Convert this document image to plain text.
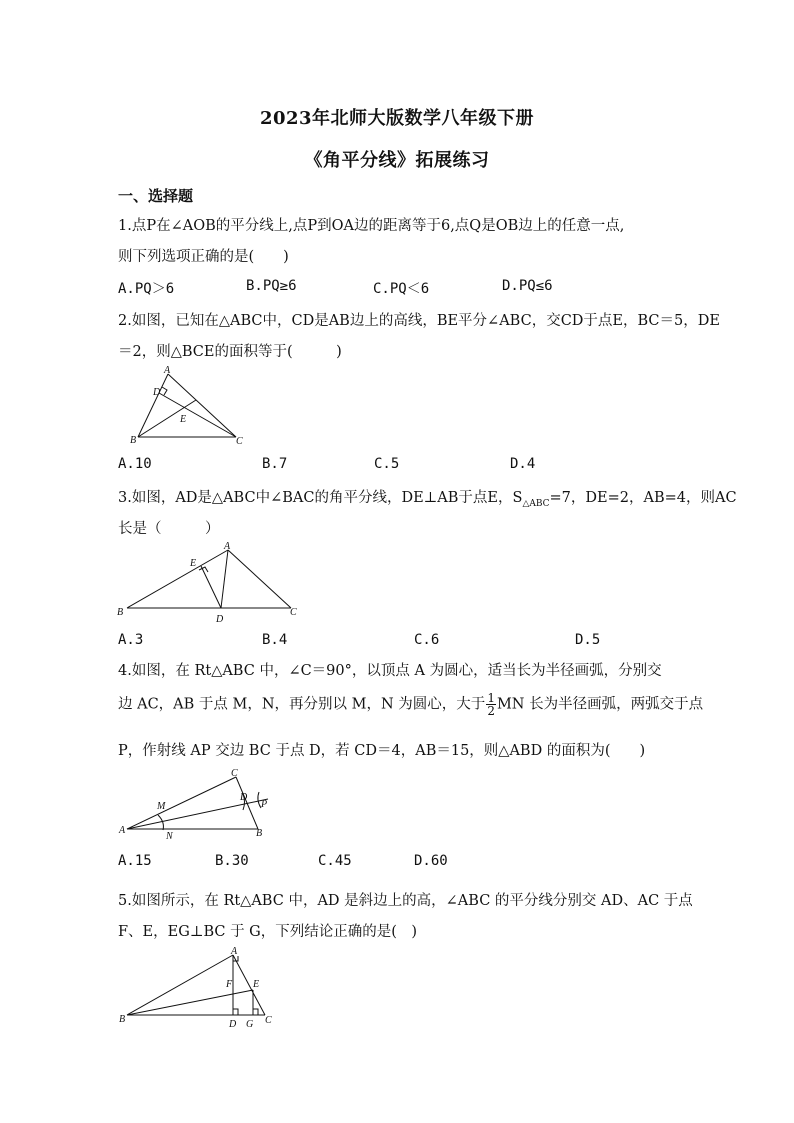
2023年北师大版数学八年级下册
《角平分线》拓展练习
一、选择题
1.点P在∠AOB的平分线上,点P到OA边的距离等于6,点Q是OB边上的任意一点,
则下列选项正确的是(　　)
A.PQ＞6	B.PQ≥6	C.PQ＜6	D.PQ≤6
2.如图，已知在△ABC中，CD是AB边上的高线，BE平分∠ABC，交CD于点E，BC＝5，DE
＝2，则△BCE的面积等于(　　　)
A
D
E
B	C
A.10	B.7	C.5	D.4
3.如图，AD是△ABC中∠BAC的角平分线，DE⊥AB于点E，$S_{\triangle ABC}=7$，DE=2，AB=4，则AC
长是（　　　）
A
E
B
D
C
A.3	B.4	C.6	D.5
4.如图，在 Rt△ABC 中，∠C＝90°，以顶点 A 为圆心，适当长为半径画弧，分别交
边 AC，AB 于点 M，N，再分别以 M，N 为圆心，大于 $\frac{1}{2}$ MN 长为半径画弧，两弧交于点
P，作射线 AP 交边 BC 于点 D，若 CD＝4，AB＝15，则△ABD 的面积为(　　)
C
M
D
P
A
N	B
A.15	B.30	C.45	D.60
5.如图所示，在 Rt△ABC 中，AD 是斜边上的高，∠ABC 的平分线分别交 AD、AC 于点
F、E，EG⊥BC 于 G，下列结论正确的是(　)
A
F E
B	D G C
